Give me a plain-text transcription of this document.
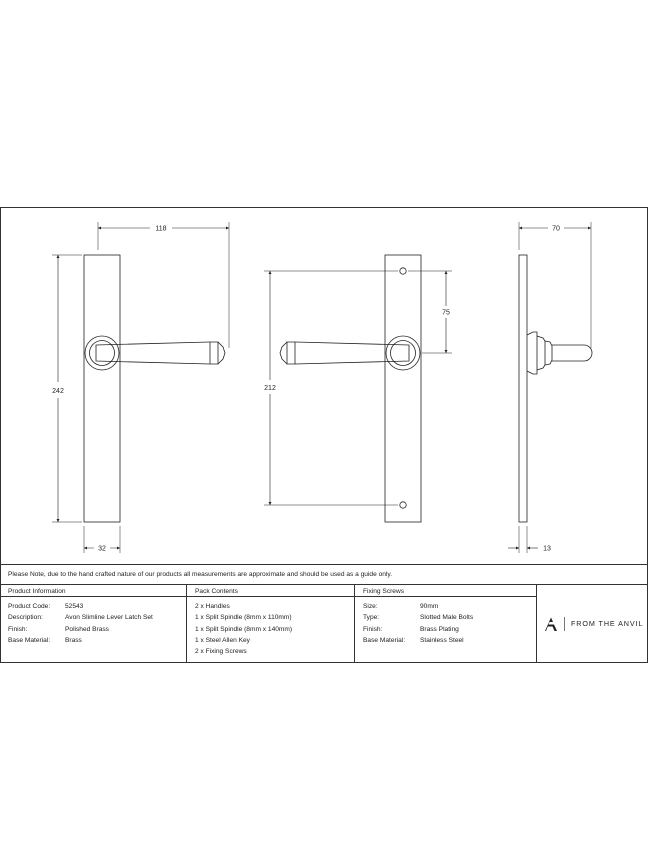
118
242
32
212
75
70
13
Please Note, due to the hand crafted nature of our products all measurements are approximate and should be used as a guide only.
Product Information
Product Code: 52543
Description:	Avon Slimline Lever Latch Set
Finish:	Polished Brass
Base Material: Brass
Pack Contents
2 x Handles
1 x Split Spindle (8mm x 110mm)
1 x Split Spindle (8mm x 140mm)
1 x Steel Allen Key
2 x Fixing Screws
Fixing Screws
Size:	90mm
Type:	Slotted Male Bolts
Finish:	Brass Plating
Base Material: Stainless Steel
FROM THE ANVIL
